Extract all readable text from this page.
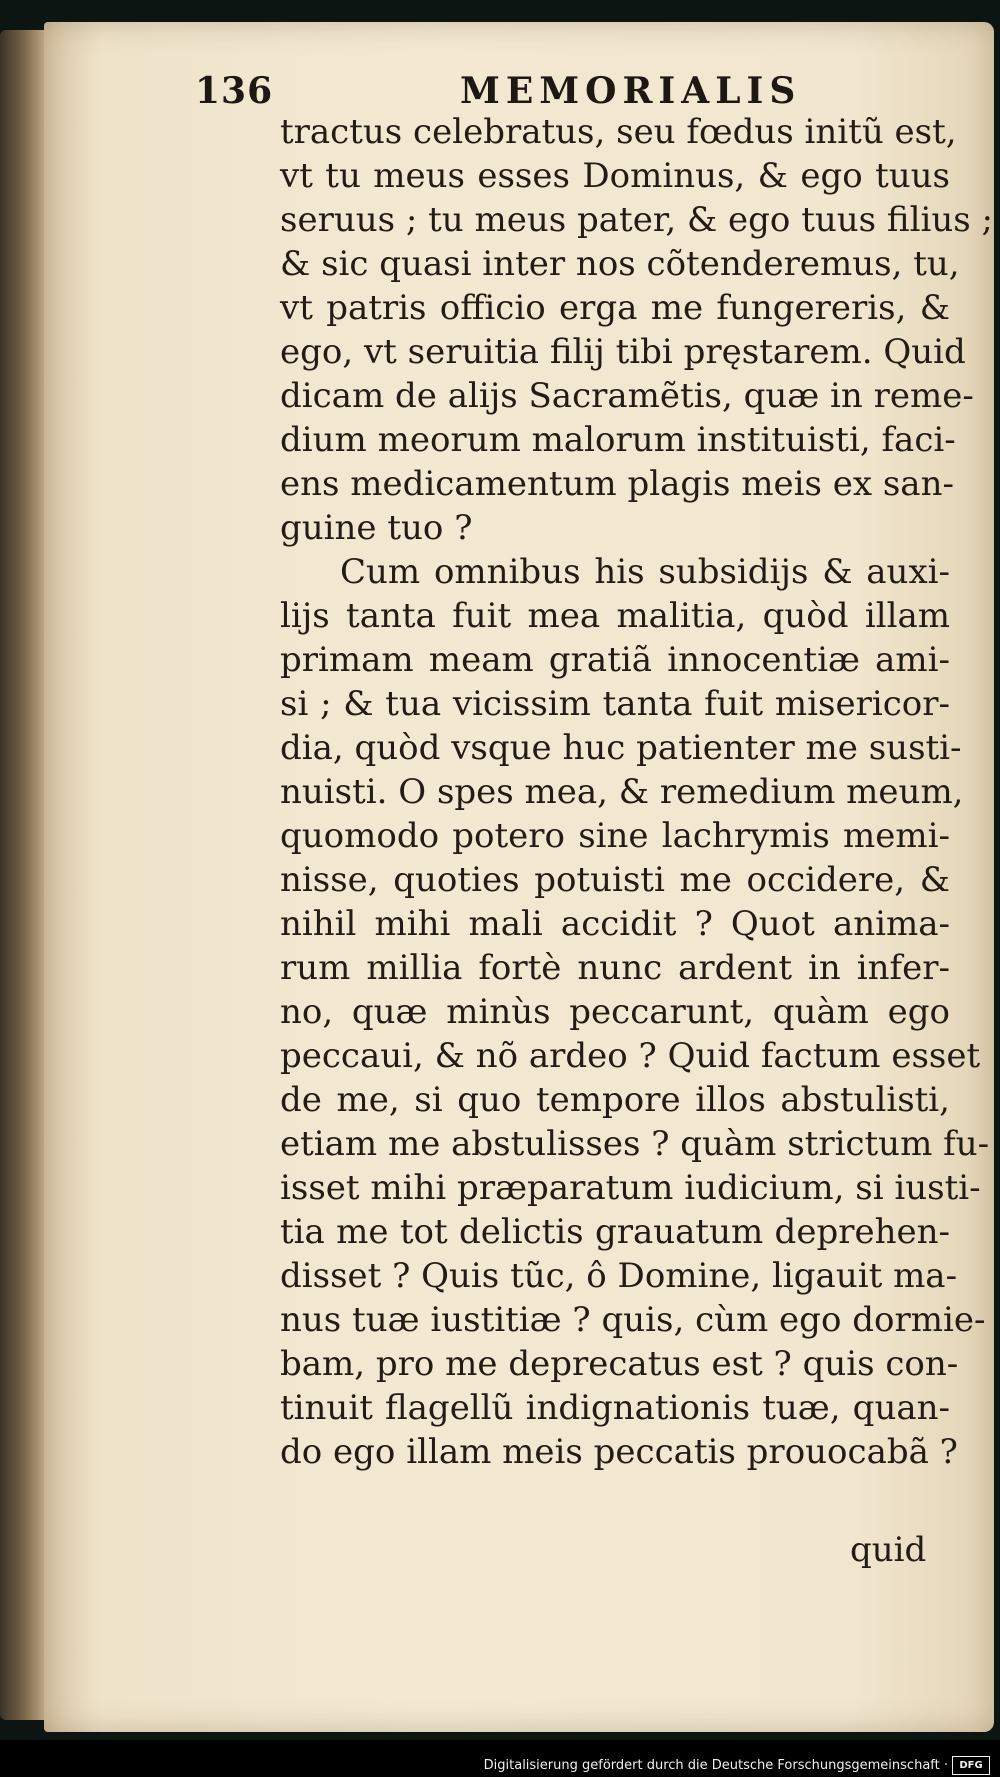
136	MEMORIALIS
tractus celebratus, seu fœdus initũ est,
vt tu meus esses Dominus, & ego tuus
seruus ; tu meus pater, & ego tuus filius ;
& sic quasi inter nos cõtenderemus, tu,
vt patris officio erga me fungereris, &
ego, vt seruitia filij tibi pręstarem. Quid
dicam de alijs Sacramẽtis, quæ in reme-
dium meorum malorum instituisti, faci-
ens medicamentum plagis meis ex san-
guine tuo ?
Cum omnibus his subsidijs & auxi-
lijs tanta fuit mea malitia, quòd illam
primam meam gratiã innocentiæ ami-
si ; & tua vicissim tanta fuit misericor-
dia, quòd vsque huc patienter me susti-
nuisti. O spes mea, & remedium meum,
quomodo potero sine lachrymis memi-
nisse, quoties potuisti me occidere, &
nihil mihi mali accidit ? Quot anima-
rum millia fortè nunc ardent in infer-
no, quæ minùs peccarunt, quàm ego
peccaui, & nõ ardeo ? Quid factum esset
de me, si quo tempore illos abstulisti,
etiam me abstulisses ? quàm strictum fu-
isset mihi præparatum iudicium, si iusti-
tia me tot delictis grauatum deprehen-
disset ? Quis tũc, ô Domine, ligauit ma-
nus tuæ iustitiæ ? quis, cùm ego dormie-
bam, pro me deprecatus est ? quis con-
tinuit flagellũ indignationis tuæ, quan-
do ego illam meis peccatis prouocabã ?
quid
Digitalisierung gefördert durch die Deutsche Forschungsgemeinschaft ·	DFG
